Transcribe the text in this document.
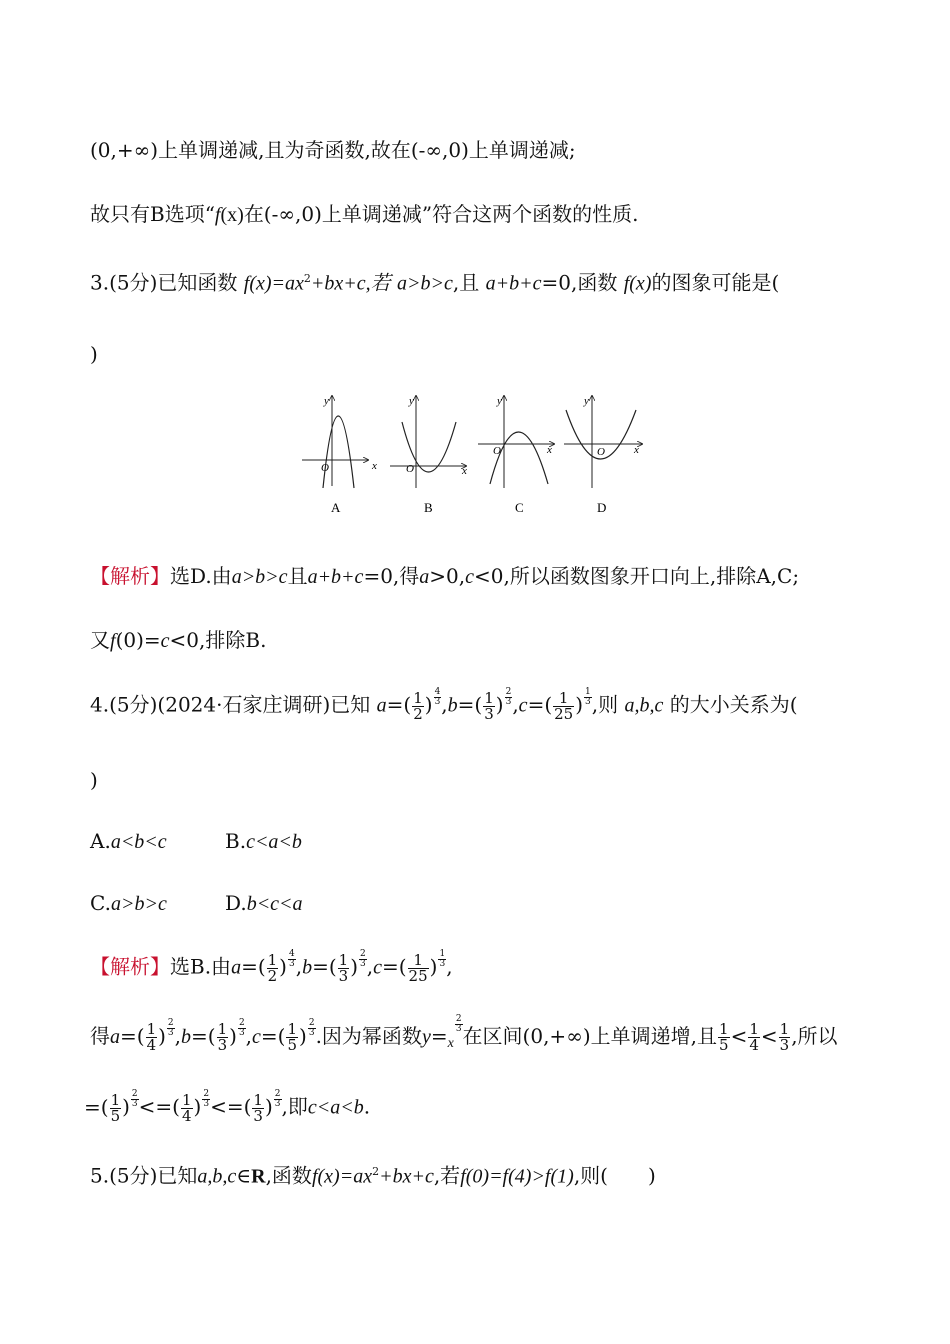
(0,+∞)上单调递减,且为奇函数,故在(-∞,0)上单调递减;
故只有B选项“f(x)在(-∞,0)上单调递减”符合这两个函数的性质.
3.(5分)已知函数 $f(x)=ax^2+bx+c$,若 a>b>c,且 a+b+c=0,函数 f(x)的图象可能是(
)
x
y
O
A
x
y
O
B
x
y
O
C
x
y
O
D
【解析】选D.由a>b>c且a+b+c=0,得a>0,c<0,所以函数图象开口向上,排除A,C;
又f(0)=c<0,排除B.
4.(5分)(2024·石家庄调研)已知 $a=( \frac{1}{2}$ ) $\frac{4}{3} ,b=( \frac{1}{3}$ ) $\frac{2}{3} ,c=( \frac{1}{25}$ ) $\frac{1}{3}$ ,则 a,b,c 的大小关系为(
)
A.a<b<c	B.c<a<b
C.a>b>c	D.b<c<a
【解析】选B.由$a=( \frac{1}{2}$ ) $\frac{4}{3} ,b=( \frac{1}{3}$ ) $\frac{2}{3} ,c=( \frac{1}{25}$ ) $\frac{1}{3}$ ,
得$a=( \frac{1}{4}$ ) $\frac{2}{3} ,b=( \frac{1}{3}$ ) $\frac{2}{3} ,c=( \frac{1}{5}$ ) $\frac{2}{3}$ .因为幂函数$y=_x$
$\frac{2}{3}$ 在区间(0,+∞)上单调递增,且 $\frac{1}{5} < \frac{1}{4} < \frac{1}{3}$ ,所以
=( $\frac{1}{5}$ ) $\frac{2}{3}$ <=( $\frac{1}{4}$ ) $\frac{2}{3}$ <=( $\frac{1}{3}$ ) $\frac{2}{3}$ ,即c<a<b.
5.(5分)已知a,b,c∈R,函数$f(x)=ax^2+bx+c$,若f(0)=f(4)>f(1),则( )
